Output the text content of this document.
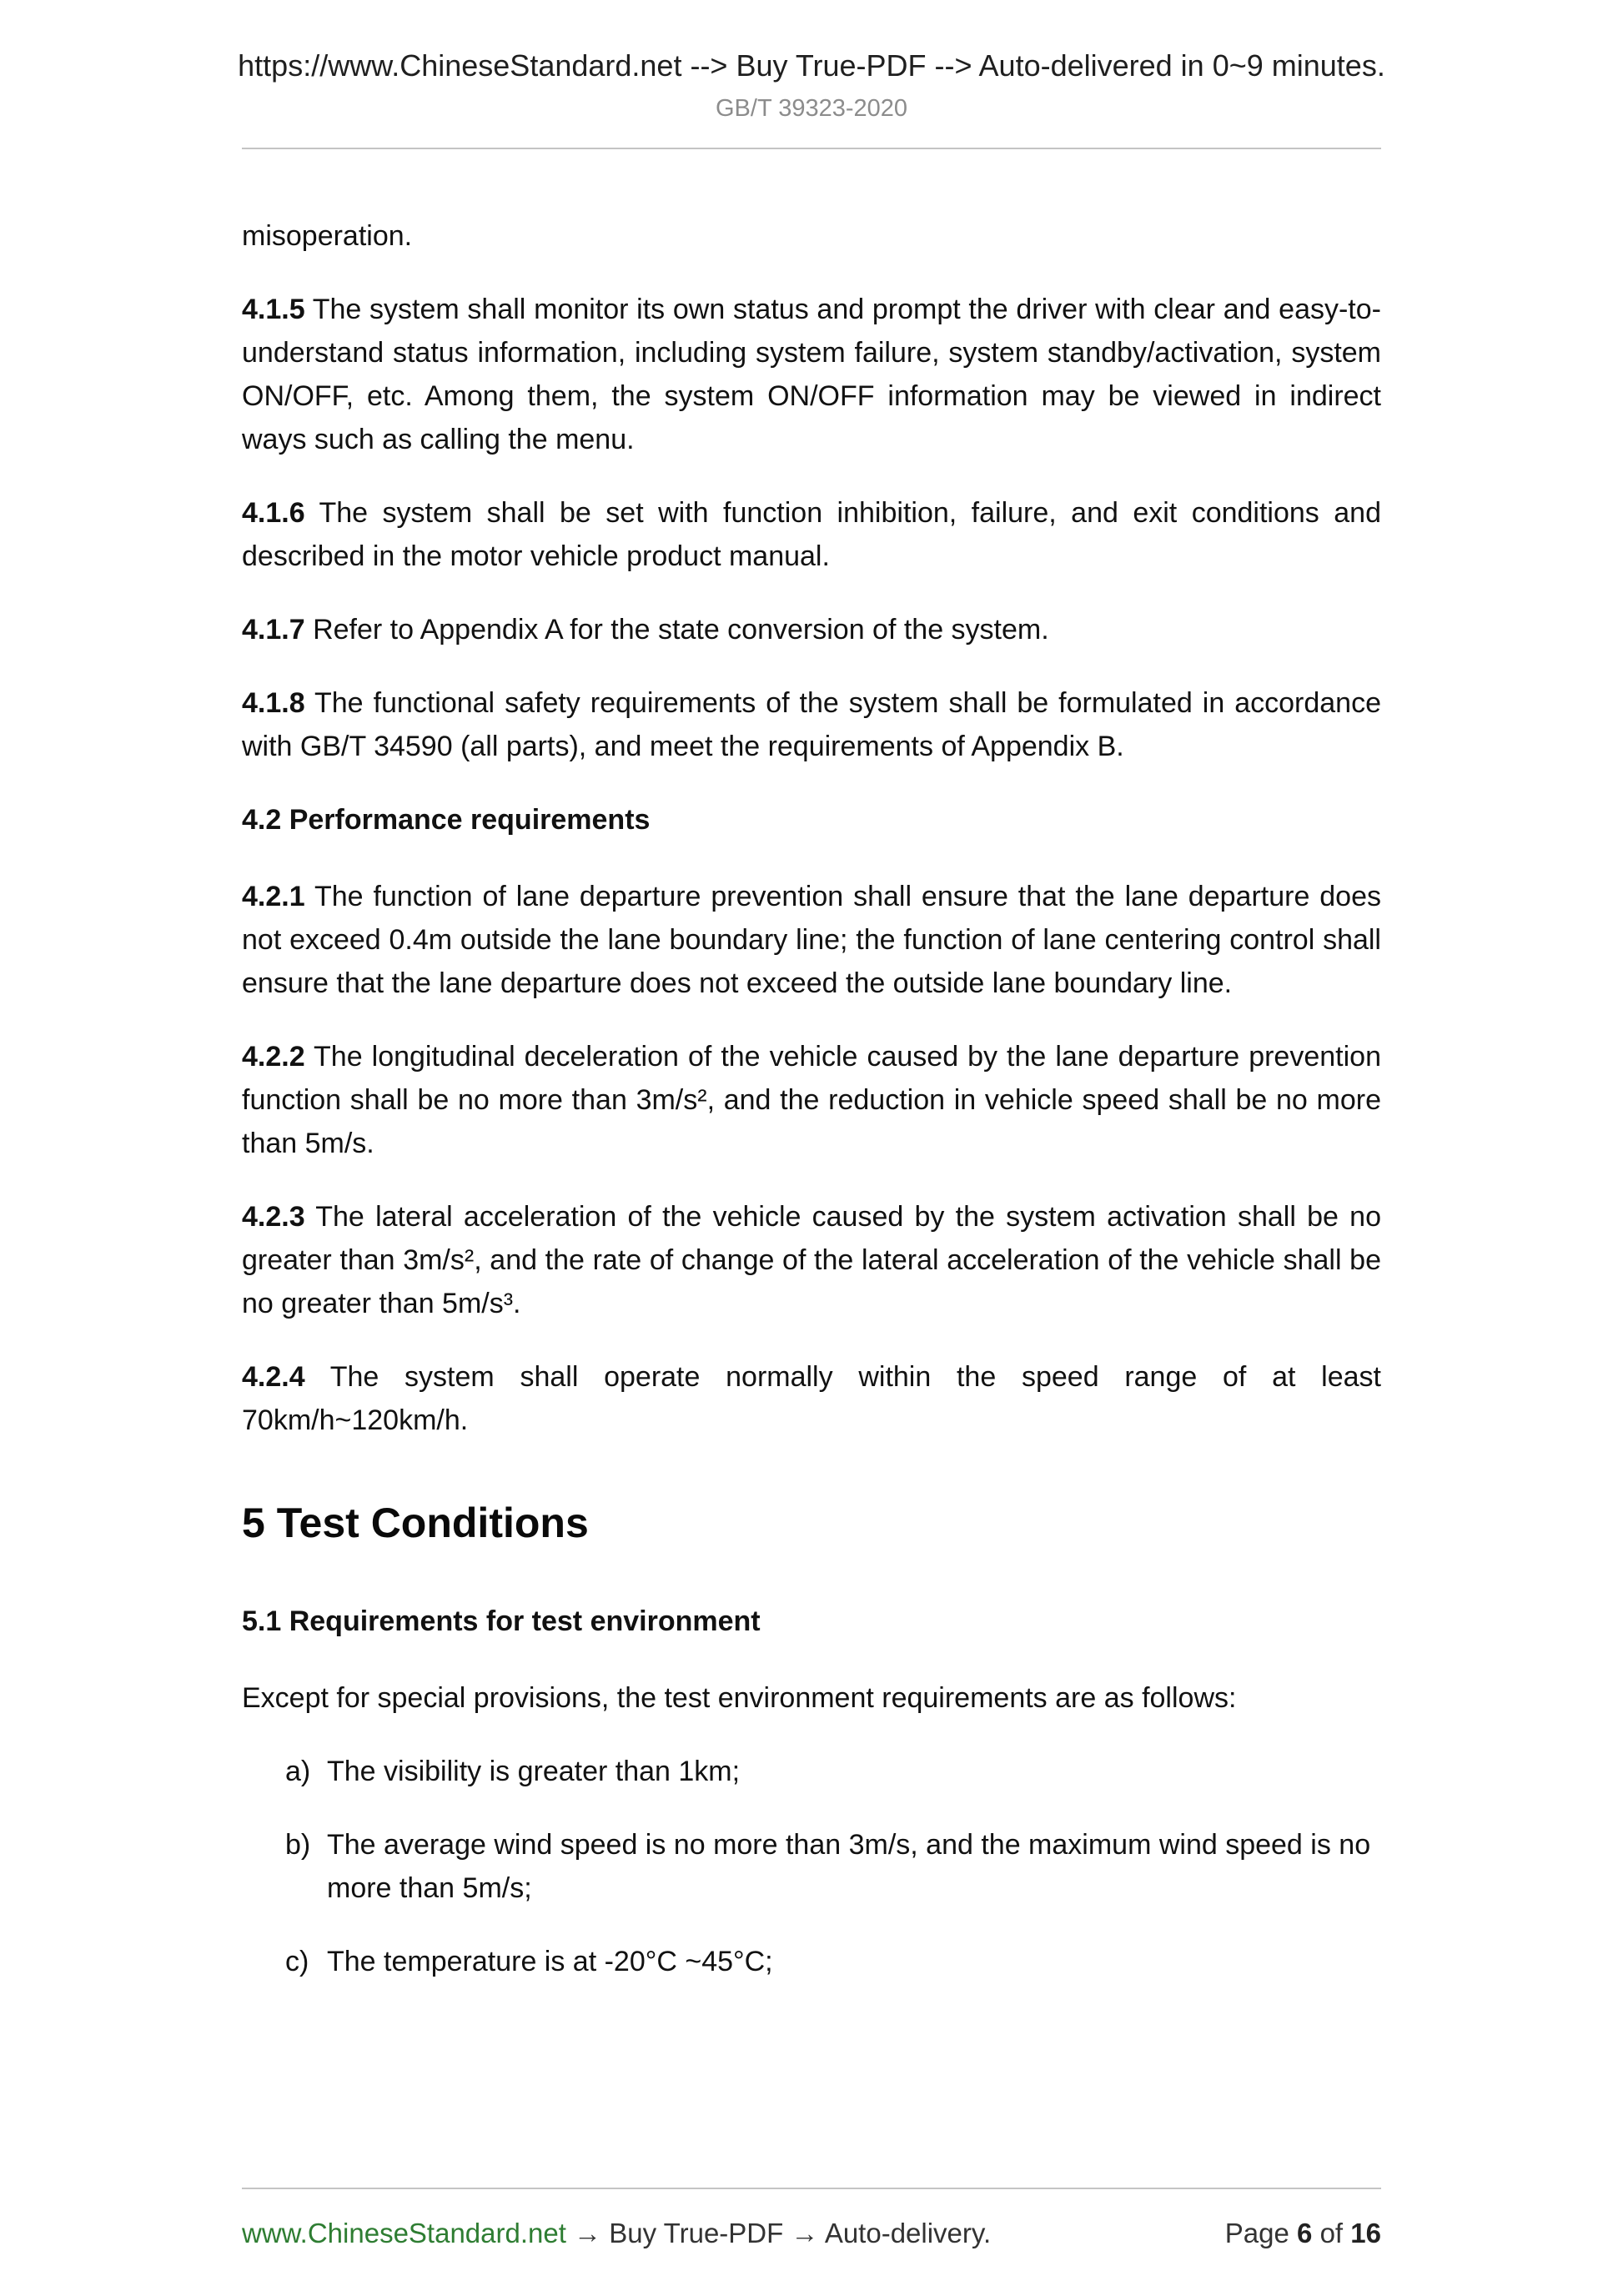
https://www.ChineseStandard.net --> Buy True-PDF --> Auto-delivered in 0~9 minutes.
GB/T 39323-2020

misoperation.

4.1.5 The system shall monitor its own status and prompt the driver with clear and easy-to-understand status information, including system failure, system standby/activation, system ON/OFF, etc. Among them, the system ON/OFF information may be viewed in indirect ways such as calling the menu.

4.1.6 The system shall be set with function inhibition, failure, and exit conditions and described in the motor vehicle product manual.

4.1.7 Refer to Appendix A for the state conversion of the system.

4.1.8 The functional safety requirements of the system shall be formulated in accordance with GB/T 34590 (all parts), and meet the requirements of Appendix B.

4.2 Performance requirements

4.2.1 The function of lane departure prevention shall ensure that the lane departure does not exceed 0.4m outside the lane boundary line; the function of lane centering control shall ensure that the lane departure does not exceed the outside lane boundary line.

4.2.2 The longitudinal deceleration of the vehicle caused by the lane departure prevention function shall be no more than 3m/s², and the reduction in vehicle speed shall be no more than 5m/s.

4.2.3 The lateral acceleration of the vehicle caused by the system activation shall be no greater than 3m/s², and the rate of change of the lateral acceleration of the vehicle shall be no greater than 5m/s³.

4.2.4 The system shall operate normally within the speed range of at least 70km/h~120km/h.

5 Test Conditions

5.1 Requirements for test environment

Except for special provisions, the test environment requirements are as follows:

a) The visibility is greater than 1km;
b) The average wind speed is no more than 3m/s, and the maximum wind speed is no more than 5m/s;
c) The temperature is at -20°C ~45°C;
www.ChineseStandard.net → Buy True-PDF → Auto-delivery.	Page 6 of 16
